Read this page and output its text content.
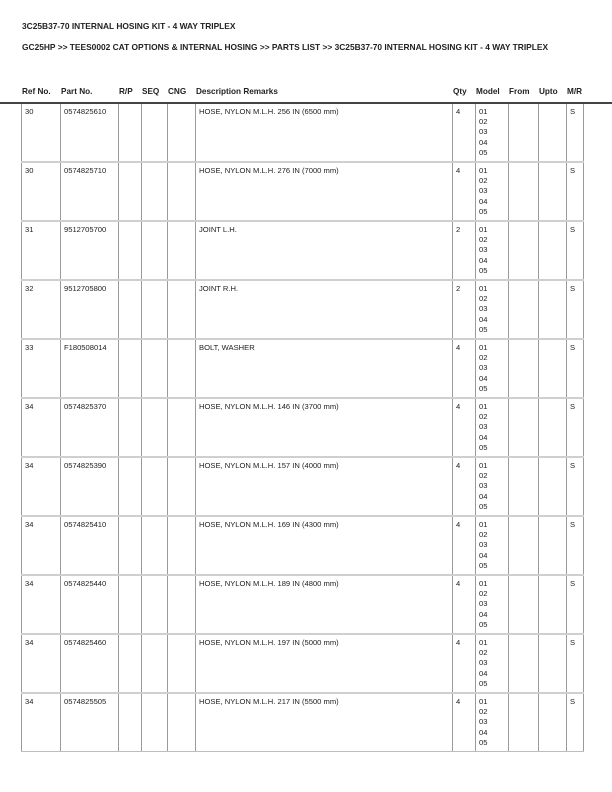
3C25B37-70 INTERNAL HOSING KIT - 4 WAY TRIPLEX
GC25HP >> TEES0002 CAT OPTIONS & INTERNAL HOSING >> PARTS LIST >> 3C25B37-70 INTERNAL HOSING KIT - 4 WAY TRIPLEX
Ref No. Part No.	R/P SEQ CNG Description Remarks	Qty Model From Upto M/R
30	0574825610				HOSE, NYLON M.L.H. 256 IN (6500 mm)	4	01
02
03
04
05			S
30	0574825710				HOSE, NYLON M.L.H. 276 IN (7000 mm)	4	01
02
03
04
05			S
31	9512705700				JOINT L.H.	2	01
02
03
04
05			S
32	9512705800				JOINT R.H.	2	01
02
03
04
05			S
33	F180508014				BOLT, WASHER	4	01
02
03
04
05			S
34	0574825370				HOSE, NYLON M.L.H. 146 IN (3700 mm)	4	01
02
03
04
05			S
34	0574825390				HOSE, NYLON M.L.H. 157 IN (4000 mm)	4	01
02
03
04
05			S
34	0574825410				HOSE, NYLON M.L.H. 169 IN (4300 mm)	4	01
02
03
04
05			S
34	0574825440				HOSE, NYLON M.L.H. 189 IN (4800 mm)	4	01
02
03
04
05			S
34	0574825460				HOSE, NYLON M.L.H. 197 IN (5000 mm)	4	01
02
03
04
05			S
34	0574825505				HOSE, NYLON M.L.H. 217 IN (5500 mm)	4	01
02
03
04
05			S
